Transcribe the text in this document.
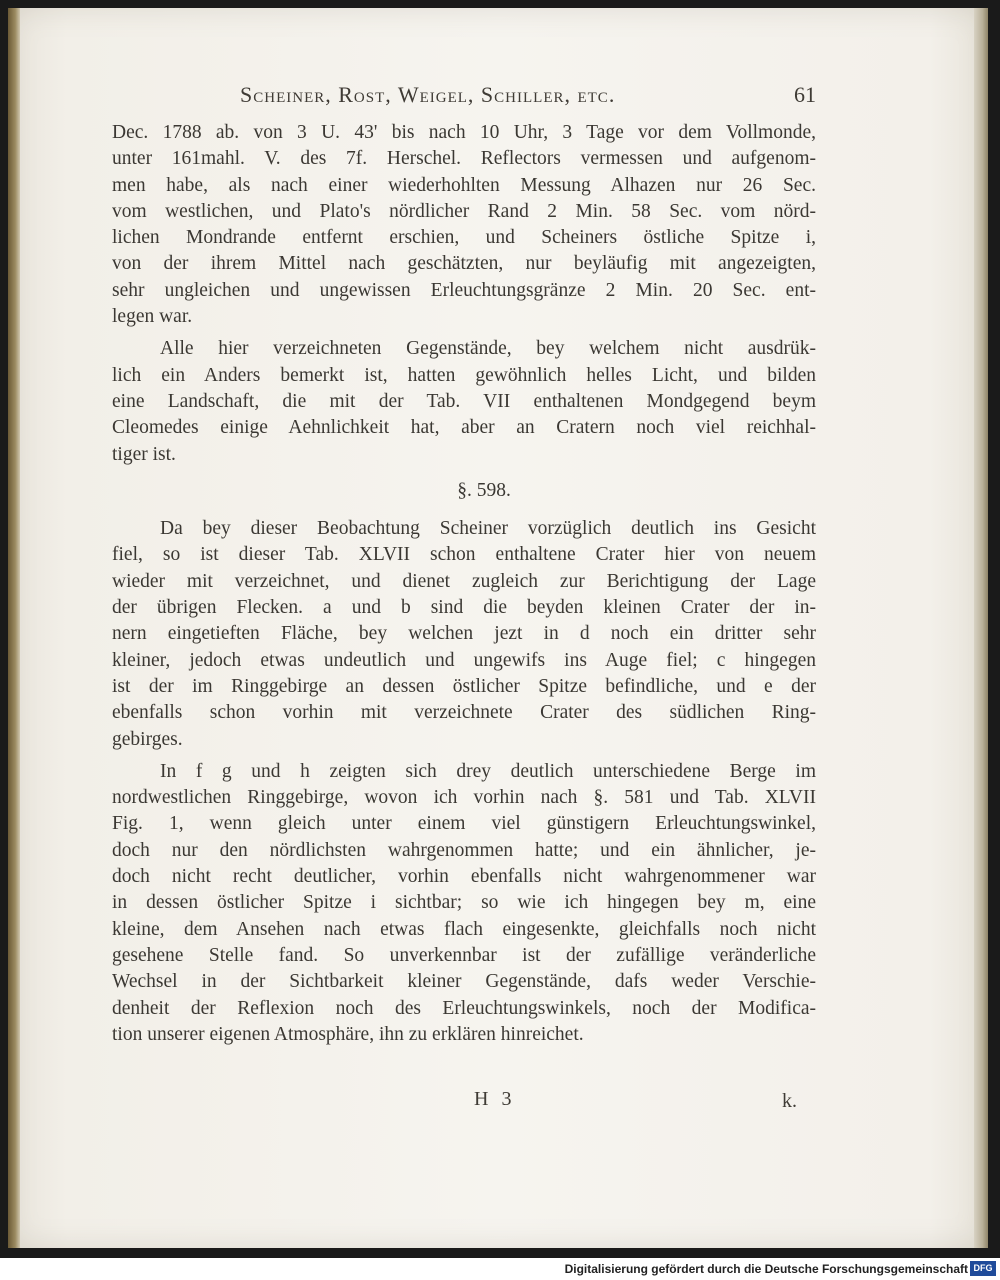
Scheiner, Rost, Weigel, Schiller, etc.	61
Dec. 1788 ab. von 3 U. 43' bis nach 10 Uhr, 3 Tage vor dem Vollmonde,
unter 161mahl. V. des 7f. Herschel. Reflectors vermessen und aufgenom-
men habe, als nach einer wiederhohlten Messung Alhazen nur 26 Sec.
vom westlichen, und Plato's nördlicher Rand 2 Min. 58 Sec. vom nörd-
lichen Mondrande entfernt erschien, und Scheiners östliche Spitze i,
von der ihrem Mittel nach geschätzten, nur beyläufig mit angezeigten,
sehr ungleichen und ungewissen Erleuchtungsgränze 2 Min. 20 Sec. ent-
legen war.
Alle hier verzeichneten Gegenstände, bey welchem nicht ausdrük-
lich ein Anders bemerkt ist, hatten gewöhnlich helles Licht, und bilden
eine Landschaft, die mit der Tab. VII enthaltenen Mondgegend beym
Cleomedes einige Aehnlichkeit hat, aber an Cratern noch viel reichhal-
tiger ist.
§. 598.
Da bey dieser Beobachtung Scheiner vorzüglich deutlich ins Gesicht
fiel, so ist dieser Tab. XLVII schon enthaltene Crater hier von neuem
wieder mit verzeichnet, und dienet zugleich zur Berichtigung der Lage
der übrigen Flecken. a und b sind die beyden kleinen Crater der in-
nern eingetieften Fläche, bey welchen jezt in d noch ein dritter sehr
kleiner, jedoch etwas undeutlich und ungewifs ins Auge fiel; c hingegen
ist der im Ringgebirge an dessen östlicher Spitze befindliche, und e der
ebenfalls schon vorhin mit verzeichnete Crater des südlichen Ring-
gebirges.
In f g und h zeigten sich drey deutlich unterschiedene Berge im
nordwestlichen Ringgebirge, wovon ich vorhin nach §. 581 und Tab. XLVII
Fig. 1, wenn gleich unter einem viel günstigern Erleuchtungswinkel,
doch nur den nördlichsten wahrgenommen hatte; und ein ähnlicher, je-
doch nicht recht deutlicher, vorhin ebenfalls nicht wahrgenommener war
in dessen östlicher Spitze i sichtbar; so wie ich hingegen bey m, eine
kleine, dem Ansehen nach etwas flach eingesenkte, gleichfalls noch nicht
gesehene Stelle fand. So unverkennbar ist der zufällige veränderliche
Wechsel in der Sichtbarkeit kleiner Gegenstände, dafs weder Verschie-
denheit der Reflexion noch des Erleuchtungswinkels, noch der Modifica-
tion unserer eigenen Atmosphäre, ihn zu erklären hinreichet.
H 3	k.
Digitalisierung gefördert durch die Deutsche Forschungsgemeinschaft DFG
